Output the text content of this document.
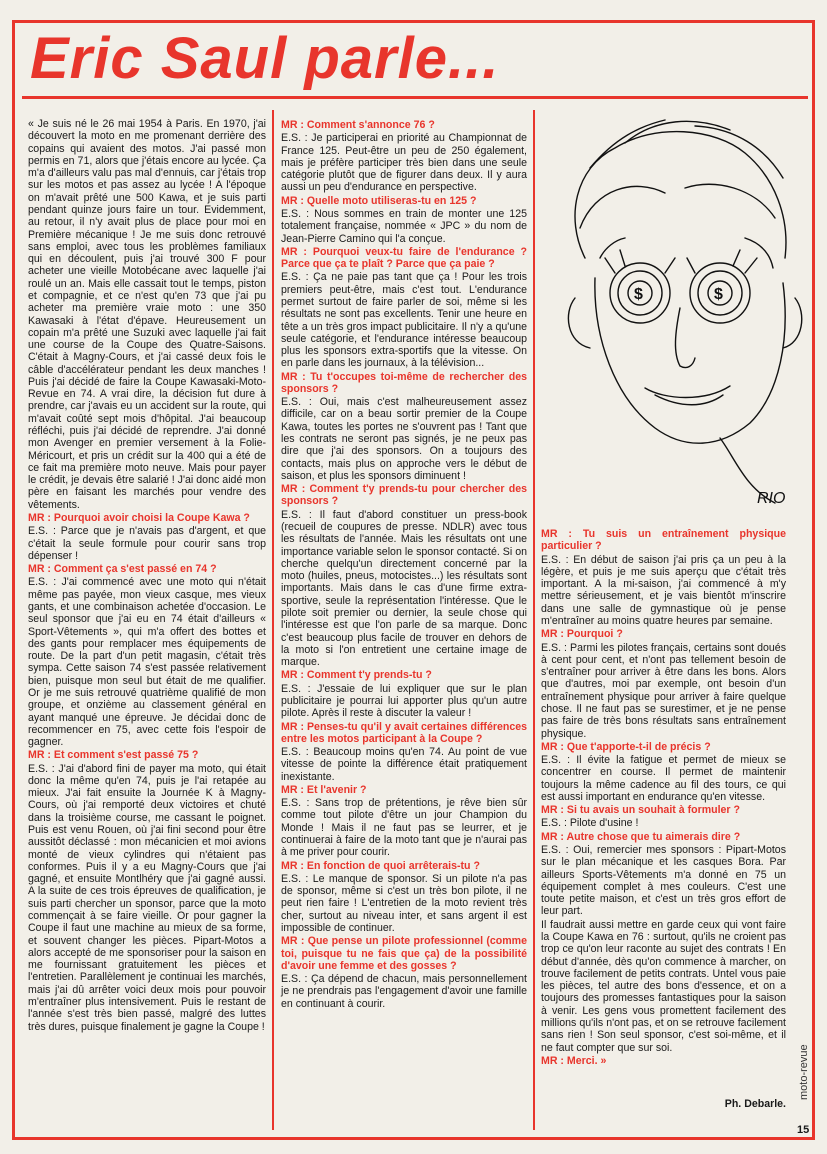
Eric Saul parle...

« Je suis né le 26 mai 1954 à Paris. En 1970, j'ai découvert la moto en me promenant derrière des copains qui avaient des motos. J'ai passé mon permis en 71, alors que j'étais encore au lycée. Ça m'a d'ailleurs valu pas mal d'ennuis, car j'étais trop sur les motos et pas assez au lycée ! A l'époque on m'avait prêté une 500 Kawa, et je suis parti pendant quinze jours faire un tour. Evidemment, au retour, il n'y avait plus de place pour moi en Première mécanique ! Je me suis donc retrouvé sans emploi, avec tous les problèmes familiaux qui en découlent, puis j'ai trouvé 300 F pour acheter une vieille Motobécane avec laquelle j'ai roulé un an. Mais elle cassait tout le temps, piston et compagnie, et ce n'est qu'en 73 que j'ai pu acheter ma première vraie moto : une 350 Kawasaki à l'état d'épave. Heureusement un copain m'a prêté une Suzuki avec laquelle j'ai fait une course de la Coupe des Quatre-Saisons. C'était à Magny-Cours, et j'ai cassé deux fois le câble d'accélérateur pendant les deux manches ! Puis j'ai décidé de faire la Coupe Kawasaki-Moto-Revue en 74. A vrai dire, la décision fut dure à prendre, car j'avais eu un accident sur la route, qui m'avait coûté sept mois d'hôpital. J'ai beaucoup réfléchi, puis j'ai décidé de reprendre. J'ai donné mon Avenger en premier versement à la Folie-Méricourt, et pris un crédit sur la 400 qui a été de ce fait ma première moto neuve. Mais pour payer le crédit, je devais être salarié ! J'ai donc aidé mon père en faisant les marchés pour vendre des vêtements.

MR : Pourquoi avoir choisi la Coupe Kawa ?

E.S. : Parce que je n'avais pas d'argent, et que c'était la seule formule pour courir sans trop dépenser !

MR : Comment ça s'est passé en 74 ?

E.S. : J'ai commencé avec une moto qui n'était même pas payée, mon vieux casque, mes vieux gants, et une combinaison achetée d'occasion. Le seul sponsor que j'ai eu en 74 était d'ailleurs « Sport-Vêtements », qui m'a offert des bottes et des gants pour remplacer mes équipements de route. De la part d'un petit magasin, c'était très sympa. Cette saison 74 s'est passée relativement bien, puisque mon seul but était de me qualifier. Or je me suis retrouvé quatrième qualifié de mon groupe, et onzième au classement général en ayant manqué une épreuve. Je décidai donc de recommencer en 75, avec cette fois l'espoir de gagner.

MR : Et comment s'est passé 75 ?

E.S. : J'ai d'abord fini de payer ma moto, qui était donc la même qu'en 74, puis je l'ai retapée au mieux. J'ai fait ensuite la Journée K à Magny-Cours, où j'ai remporté deux victoires et chuté dans la troisième course, me cassant le poignet. Puis est venu Rouen, où j'ai fini second pour être aussitôt déclassé : mon mécanicien et moi avions monté de vieux cylindres qui n'étaient pas conformes. Puis il y a eu Magny-Cours que j'ai gagné, et ensuite Montlhéry que j'ai gagné aussi. A la suite de ces trois épreuves de qualification, je suis parti chercher un sponsor, parce que la moto commençait à se faire vieille. Or pour gagner la Coupe il faut une machine au mieux de sa forme, et souvent changer les pièces. Pipart-Motos a alors accepté de me sponsoriser pour la saison en me fournissant gratuitement les pièces et l'entretien. Parallèlement je continuai les marchés, mais j'ai dû arrêter voici deux mois pour pouvoir m'entraîner plus intensivement. Puis le restant de l'année s'est très bien passé, malgré des luttes très dures, puisque finalement je gagne la Coupe !

MR : Comment s'annonce 76 ?

E.S. : Je participerai en priorité au Championnat de France 125. Peut-être un peu de 250 également, mais je préfère participer très bien dans une seule catégorie plutôt que de figurer dans deux. Il y aura aussi un peu d'endurance en perspective.

MR : Quelle moto utiliseras-tu en 125 ?

E.S. : Nous sommes en train de monter une 125 totalement française, nommée « JPC » du nom de Jean-Pierre Camino qui l'a conçue.

MR : Pourquoi veux-tu faire de l'endurance ? Parce que ça te plaît ? Parce que ça paie ?

E.S. : Ça ne paie pas tant que ça ! Pour les trois premiers peut-être, mais c'est tout. L'endurance permet surtout de faire parler de soi, même si les résultats ne sont pas excellents. Tenir une heure en tête a un très gros impact publicitaire. Il n'y a qu'une seule catégorie, et l'endurance intéresse beaucoup plus les sponsors extra-sportifs que la vitesse. On en parle dans les journaux, à la télévision...

MR : Tu t'occupes toi-même de rechercher des sponsors ?

E.S. : Oui, mais c'est malheureusement assez difficile, car on a beau sortir premier de la Coupe Kawa, toutes les portes ne s'ouvrent pas ! Tant que les contrats ne seront pas signés, je ne peux pas dire que j'ai des sponsors. On a toujours des contacts, mais plus on approche vers le début de saison, et plus les sponsors diminuent !

MR : Comment t'y prends-tu pour chercher des sponsors ?

E.S. : Il faut d'abord constituer un press-book (recueil de coupures de presse. NDLR) avec tous les résultats de l'année. Mais les résultats ont une importance variable selon le sponsor contacté. Si on cherche quelqu'un directement concerné par la moto (huiles, pneus, motocistes...) les résultats sont importants. Mais dans le cas d'une firme extra-sportive, seule la représentation l'intéresse. Que le pilote soit premier ou dernier, la seule chose qui l'intéresse est que l'on parle de sa marque. Donc c'est beaucoup plus facile de trouver en dehors de la moto si l'on entretient une certaine image de marque.

MR : Comment t'y prends-tu ?

E.S. : J'essaie de lui expliquer que sur le plan publicitaire je pourrai lui apporter plus qu'un autre pilote. Après il reste à discuter la valeur !

MR : Penses-tu qu'il y avait certaines différences entre les motos participant à la Coupe ?

E.S. : Beaucoup moins qu'en 74. Au point de vue vitesse de pointe la différence était pratiquement inexistante.

MR : Et l'avenir ?

E.S. : Sans trop de prétentions, je rêve bien sûr comme tout pilote d'être un jour Champion du Monde ! Mais il ne faut pas se leurrer, et je continuerai à faire de la moto tant que je n'aurai pas à me priver pour courir.

MR : En fonction de quoi arrêterais-tu ?

E.S. : Le manque de sponsor. Si un pilote n'a pas de sponsor, même si c'est un très bon pilote, il ne peut rien faire ! L'entretien de la moto revient très cher, surtout au niveau inter, et sans argent il est impossible de continuer.

MR : Que pense un pilote professionnel (comme toi, puisque tu ne fais que ça) de la possibilité d'avoir une femme et des gosses ?

E.S. : Ça dépend de chacun, mais personnellement je ne prendrais pas l'engagement d'avoir une famille en continuant à courir.

$	$
RIO

MR : Tu suis un entraînement physique particulier ?

E.S. : En début de saison j'ai pris ça un peu à la légère, et puis je me suis aperçu que c'était très important. A la mi-saison, j'ai commencé à m'y mettre sérieusement, et je vais bientôt m'inscrire dans une salle de gymnastique où je pense m'entraîner au moins quatre heures par semaine.

MR : Pourquoi ?

E.S. : Parmi les pilotes français, certains sont doués à cent pour cent, et n'ont pas tellement besoin de s'entraîner pour arriver à être dans les bons. Alors que d'autres, moi par exemple, ont besoin d'un entraînement physique pour arriver à faire quelque chose. Il ne faut pas se surestimer, et je ne pense pas faire de très bons résultats sans entraînement physique.

MR : Que t'apporte-t-il de précis ?

E.S. : Il évite la fatigue et permet de mieux se concentrer en course. Il permet de maintenir toujours la même cadence au fil des tours, ce qui est aussi important en endurance qu'en vitesse.

MR : Si tu avais un souhait à formuler ?

E.S. : Pilote d'usine !

MR : Autre chose que tu aimerais dire ?

E.S. : Oui, remercier mes sponsors : Pipart-Motos sur le plan mécanique et les casques Bora. Par ailleurs Sports-Vêtements m'a donné en 75 un équipement complet à mes couleurs. C'est une toute petite maison, et c'est un très gros effort de leur part.

Il faudrait aussi mettre en garde ceux qui vont faire la Coupe Kawa en 76 : surtout, qu'ils ne croient pas trop ce qu'on leur raconte au sujet des contrats ! En début d'année, dès qu'on commence à marcher, on trouve facilement de petits contrats. Untel vous paie les pièces, tel autre des bons d'essence, et on a toujours des promesses fantastiques pour la saison à venir. Les gens vous promettent facilement des millions qu'ils n'ont pas, et on se retrouve facilement sans rien ! Son seul sponsor, c'est soi-même, et il ne faut compter que sur soi.

MR : Merci. »

Ph. Debarle.
moto-revue
15
